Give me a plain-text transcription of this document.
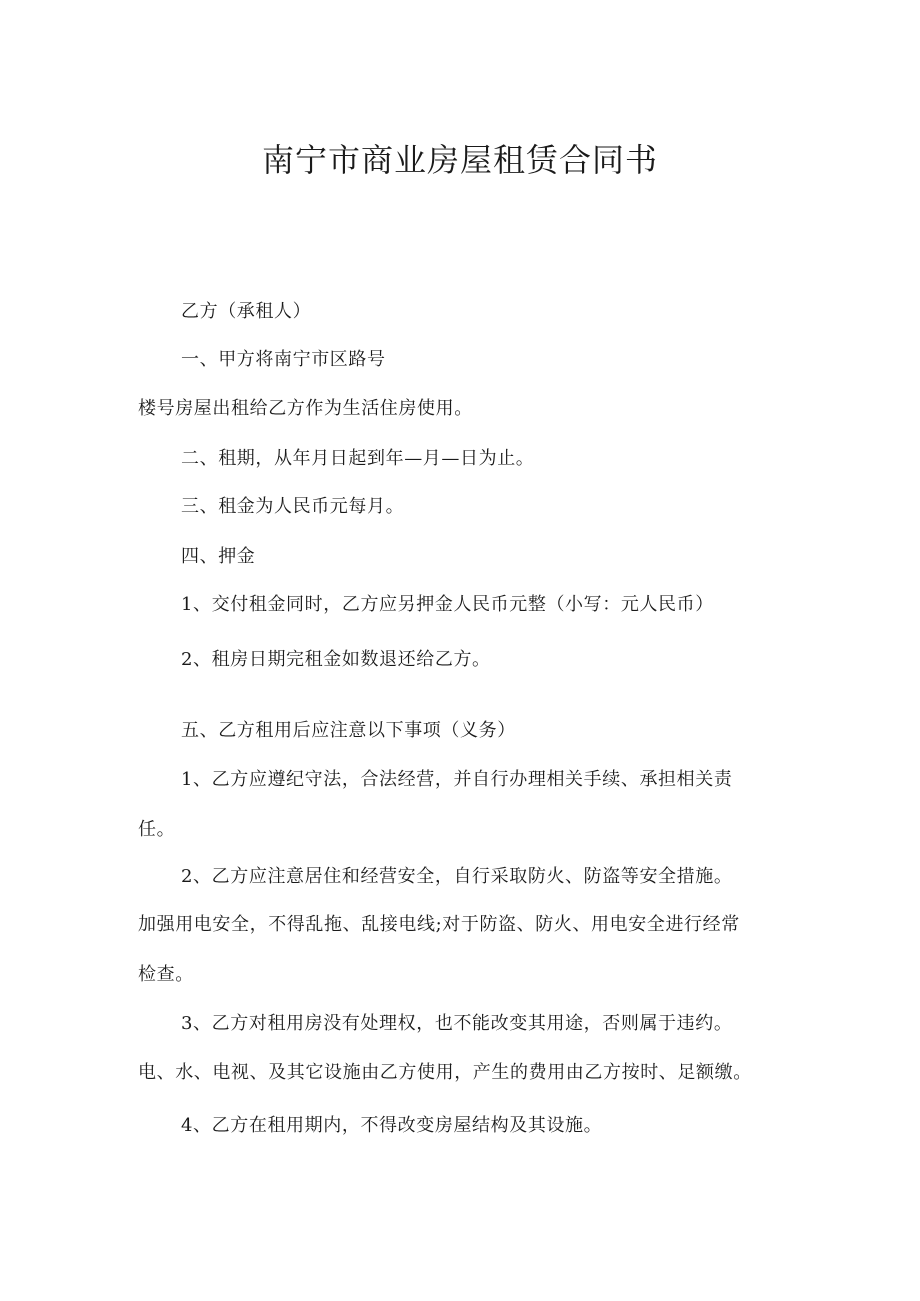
南宁市商业房屋租赁合同书

乙方（承租人）

一、甲方将南宁市区路号

楼号房屋出租给乙方作为生活住房使用。

二、租期，从年月日起到年—月—日为止。

三、租金为人民币元每月。

四、押金

1、交付租金同时，乙方应另押金人民币元整（小写：元人民币）

2、租房日期完租金如数退还给乙方。

五、乙方租用后应注意以下事项（义务）

1、乙方应遵纪守法，合法经营，并自行办理相关手续、承担相关责

任。

2、乙方应注意居住和经营安全，自行采取防火、防盗等安全措施。

加强用电安全，不得乱拖、乱接电线;对于防盗、防火、用电安全进行经常

检查。

3、乙方对租用房没有处理权，也不能改变其用途，否则属于违约。

电、水、电视、及其它设施由乙方使用，产生的费用由乙方按时、足额缴。

4、乙方在租用期内，不得改变房屋结构及其设施。
